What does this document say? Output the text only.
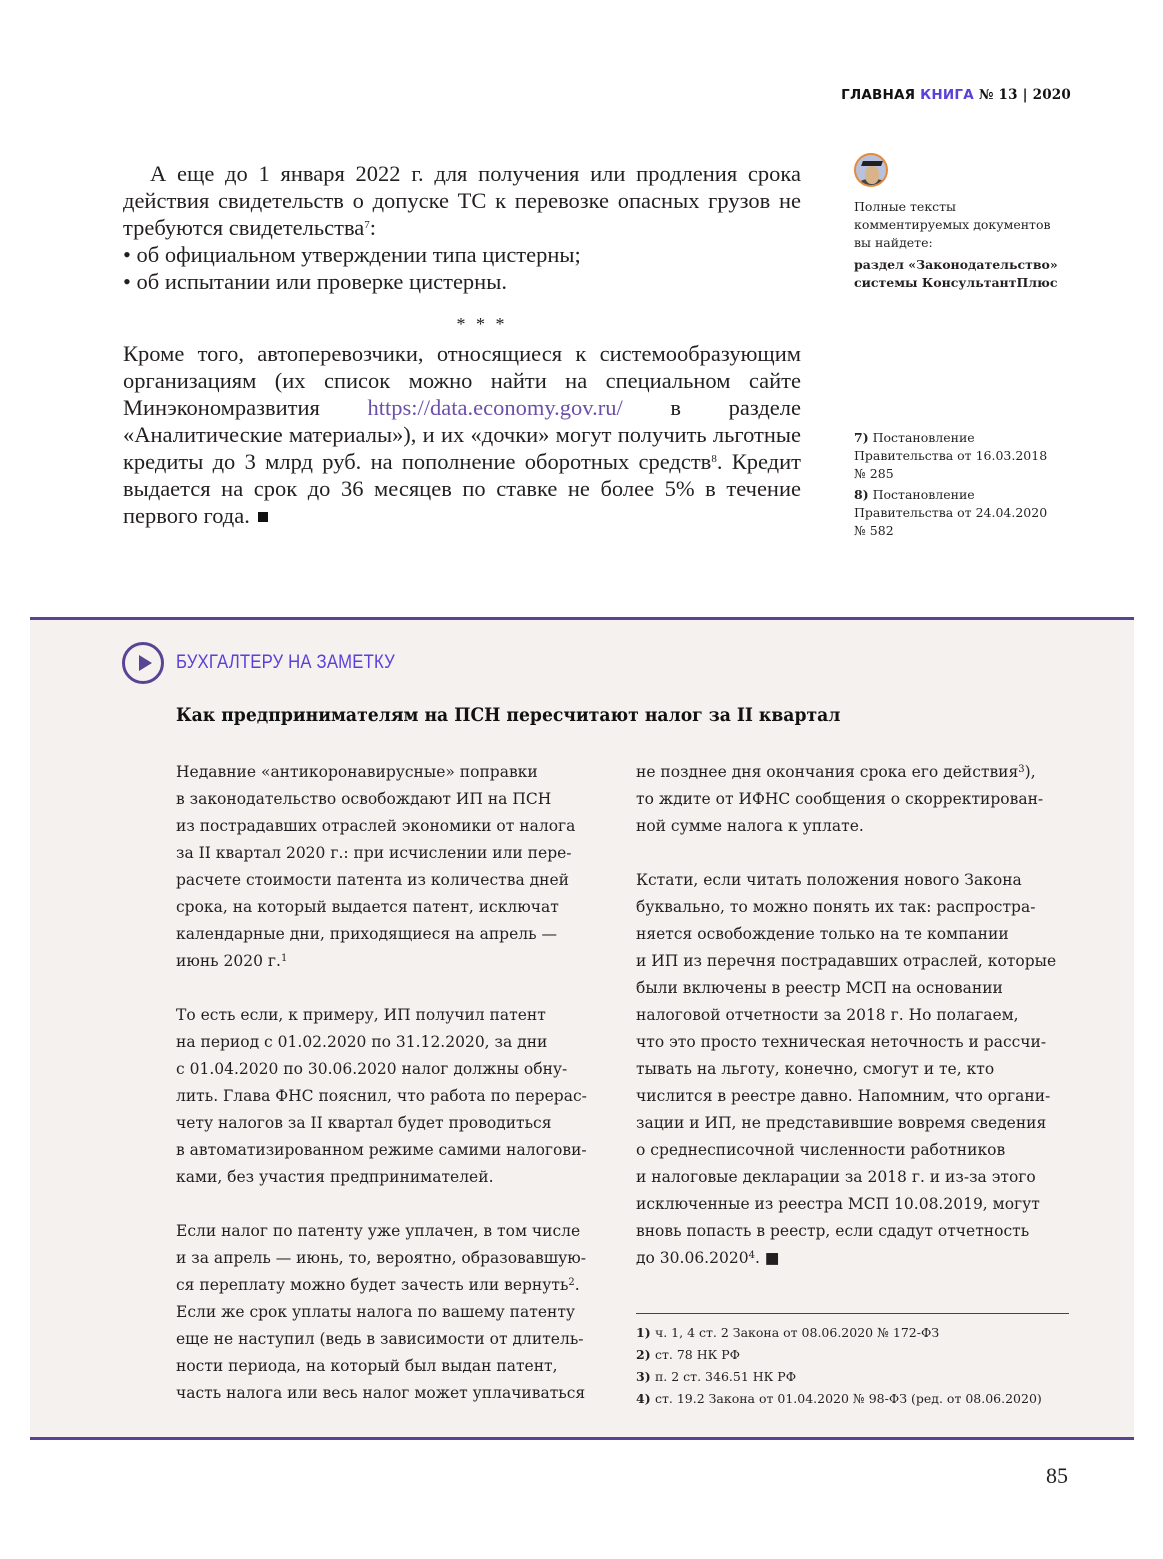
ГЛАВНАЯ КНИГА № 13 | 2020

А еще до 1 января 2022 г. для получения или продления срока действия свидетельств о допуске ТС к перевозке опасных грузов не требуются свидетельства$^7$:

• об официальном утверждении типа цистерны;

• об испытании или проверке цистерны.

* * *

Кроме того, автоперевозчики, относящиеся к системообразующим организациям (их список можно найти на специальном сайте Минэкономразвития https://data.economy.gov.ru/ в разделе «Аналитические материалы»), и их «дочки» могут получить льготные кредиты до 3 млрд руб. на пополнение оборотных средств$^8$. Кредит выдается на срок до 36 месяцев по ставке не более 5% в течение первого года.

Полные тексты

комментируемых документов

вы найдете:

раздел «Законодательство»

системы КонсультантПлюс

7) Постановление

Правительства от 16.03.2018

№ 285

8) Постановление

Правительства от 24.04.2020

№ 582

БУХГАЛТЕРУ НА ЗАМЕТКУ
Как предпринимателям на ПСН пересчитают налог за II квартал
Недавние «антикоронавирусные» поправки
в законодательство освобождают ИП на ПСН
из пострадавших отраслей экономики от налога
за II квартал 2020 г.: при исчислении или пере-
расчете стоимости патента из количества дней
срока, на который выдается патент, исключат
календарные дни, приходящиеся на апрель —
июнь 2020 г.$^1$
То есть если, к примеру, ИП получил патент
на период с 01.02.2020 по 31.12.2020, за дни
с 01.04.2020 по 30.06.2020 налог должны обну-
лить. Глава ФНС пояснил, что работа по перерас-
чету налогов за II квартал будет проводиться
в автоматизированном режиме самими налогови-
ками, без участия предпринимателей.
Если налог по патенту уже уплачен, в том числе
и за апрель — июнь, то, вероятно, образовавшую-
ся переплату можно будет зачесть или вернуть$^2$.
Если же срок уплаты налога по вашему патенту
еще не наступил (ведь в зависимости от длитель-
ности периода, на который был выдан патент,
часть налога или весь налог может уплачиваться
не позднее дня окончания срока его действия$^3$),
то ждите от ИФНС сообщения о скорректирован-
ной сумме налога к уплате.
Кстати, если читать положения нового Закона
буквально, то можно понять их так: распростра-
няется освобождение только на те компании
и ИП из перечня пострадавших отраслей, которые
были включены в реестр МСП на основании
налоговой отчетности за 2018 г. Но полагаем,
что это просто техническая неточность и рассчи-
тывать на льготу, конечно, смогут и те, кто
числится в реестре давно. Напомним, что органи-
зации и ИП, не представившие вовремя сведения
о среднесписочной численности работников
и налоговые декларации за 2018 г. и из-за этого
исключенные из реестра МСП 10.08.2019, могут
вновь попасть в реестр, если сдадут отчетность
до 30.06.2020$^4$. ■
1) ч. 1, 4 ст. 2 Закона от 08.06.2020 № 172-ФЗ
2) ст. 78 НК РФ
3) п. 2 ст. 346.51 НК РФ
4) ст. 19.2 Закона от 01.04.2020 № 98-ФЗ (ред. от 08.06.2020)
85
